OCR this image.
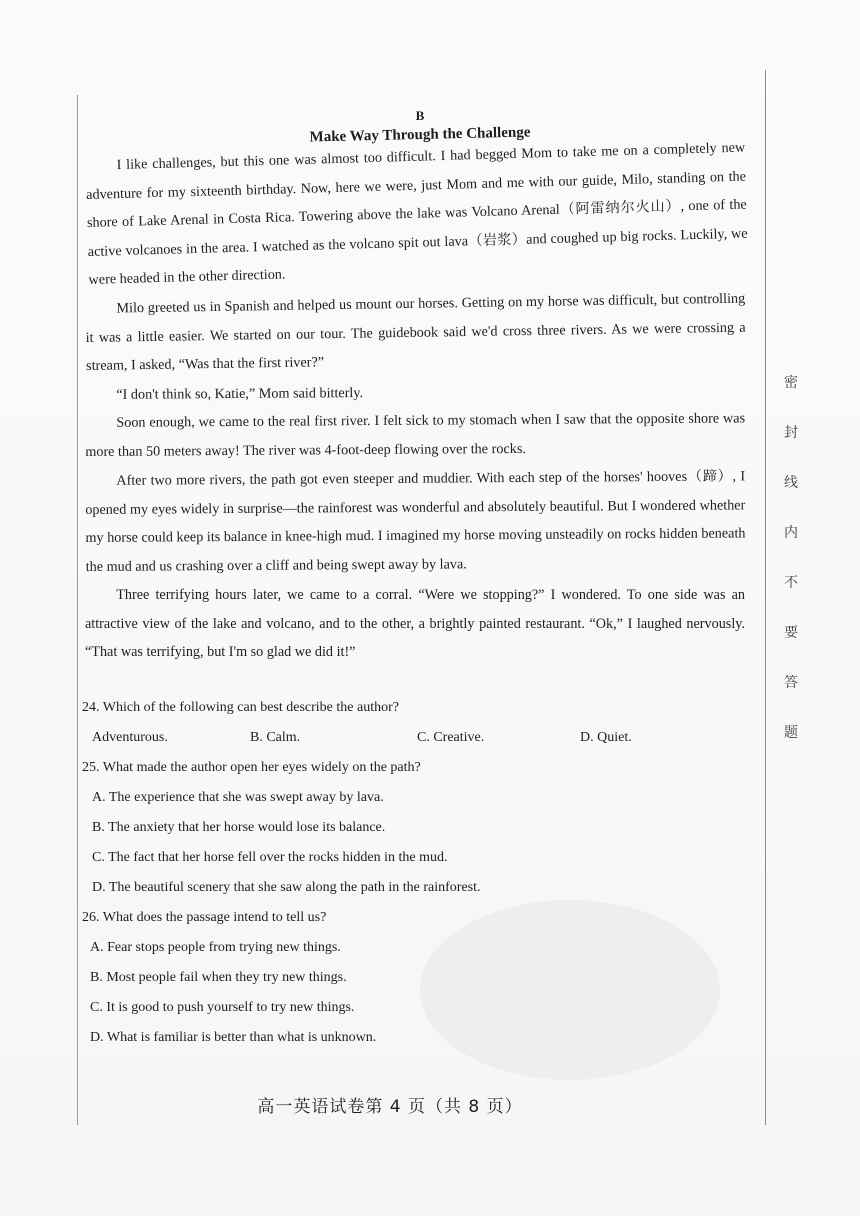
B
Make Way Through the Challenge

I like challenges, but this one was almost too difficult. I had begged Mom to take me on a completely new adventure for my sixteenth birthday. Now, here we were, just Mom and me with our guide, Milo, standing on the shore of Lake Arenal in Costa Rica. Towering above the lake was Volcano Arenal（阿雷纳尔火山）, one of the active volcanoes in the area. I watched as the volcano spit out lava（岩浆）and coughed up big rocks. Luckily, we were headed in the other direction.

Milo greeted us in Spanish and helped us mount our horses. Getting on my horse was difficult, but controlling it was a little easier. We started on our tour. The guidebook said we'd cross three rivers. As we were crossing a stream, I asked, “Was that the first river?”

“I don't think so, Katie,” Mom said bitterly.

Soon enough, we came to the real first river. I felt sick to my stomach when I saw that the opposite shore was more than 50 meters away! The river was 4-foot-deep flowing over the rocks.

After two more rivers, the path got even steeper and muddier. With each step of the horses' hooves（蹄）, I opened my eyes widely in surprise—the rainforest was wonderful and absolutely beautiful. But I wondered whether my horse could keep its balance in knee-high mud. I imagined my horse moving unsteadily on rocks hidden beneath the mud and us crashing over a cliff and being swept away by lava.

Three terrifying hours later, we came to a corral. “Were we stopping?” I wondered. To one side was an attractive view of the lake and volcano, and to the other, a brightly painted restaurant. “Ok,” I laughed nervously. “That was terrifying, but I'm so glad we did it!”

24. Which of the following can best describe the author?
Adventurous.	B. Calm.	C. Creative.	D. Quiet.
25. What made the author open her eyes widely on the path?
A. The experience that she was swept away by lava.
B. The anxiety that her horse would lose its balance.
C. The fact that her horse fell over the rocks hidden in the mud.
D. The beautiful scenery that she saw along the path in the rainforest.
26. What does the passage intend to tell us?
A. Fear stops people from trying new things.
B. Most people fail when they try new things.
C. It is good to push yourself to try new things.
D. What is familiar is better than what is unknown.
高一英语试卷第 4 页（共 8 页）
密
封
线
内
不
要
答
题
